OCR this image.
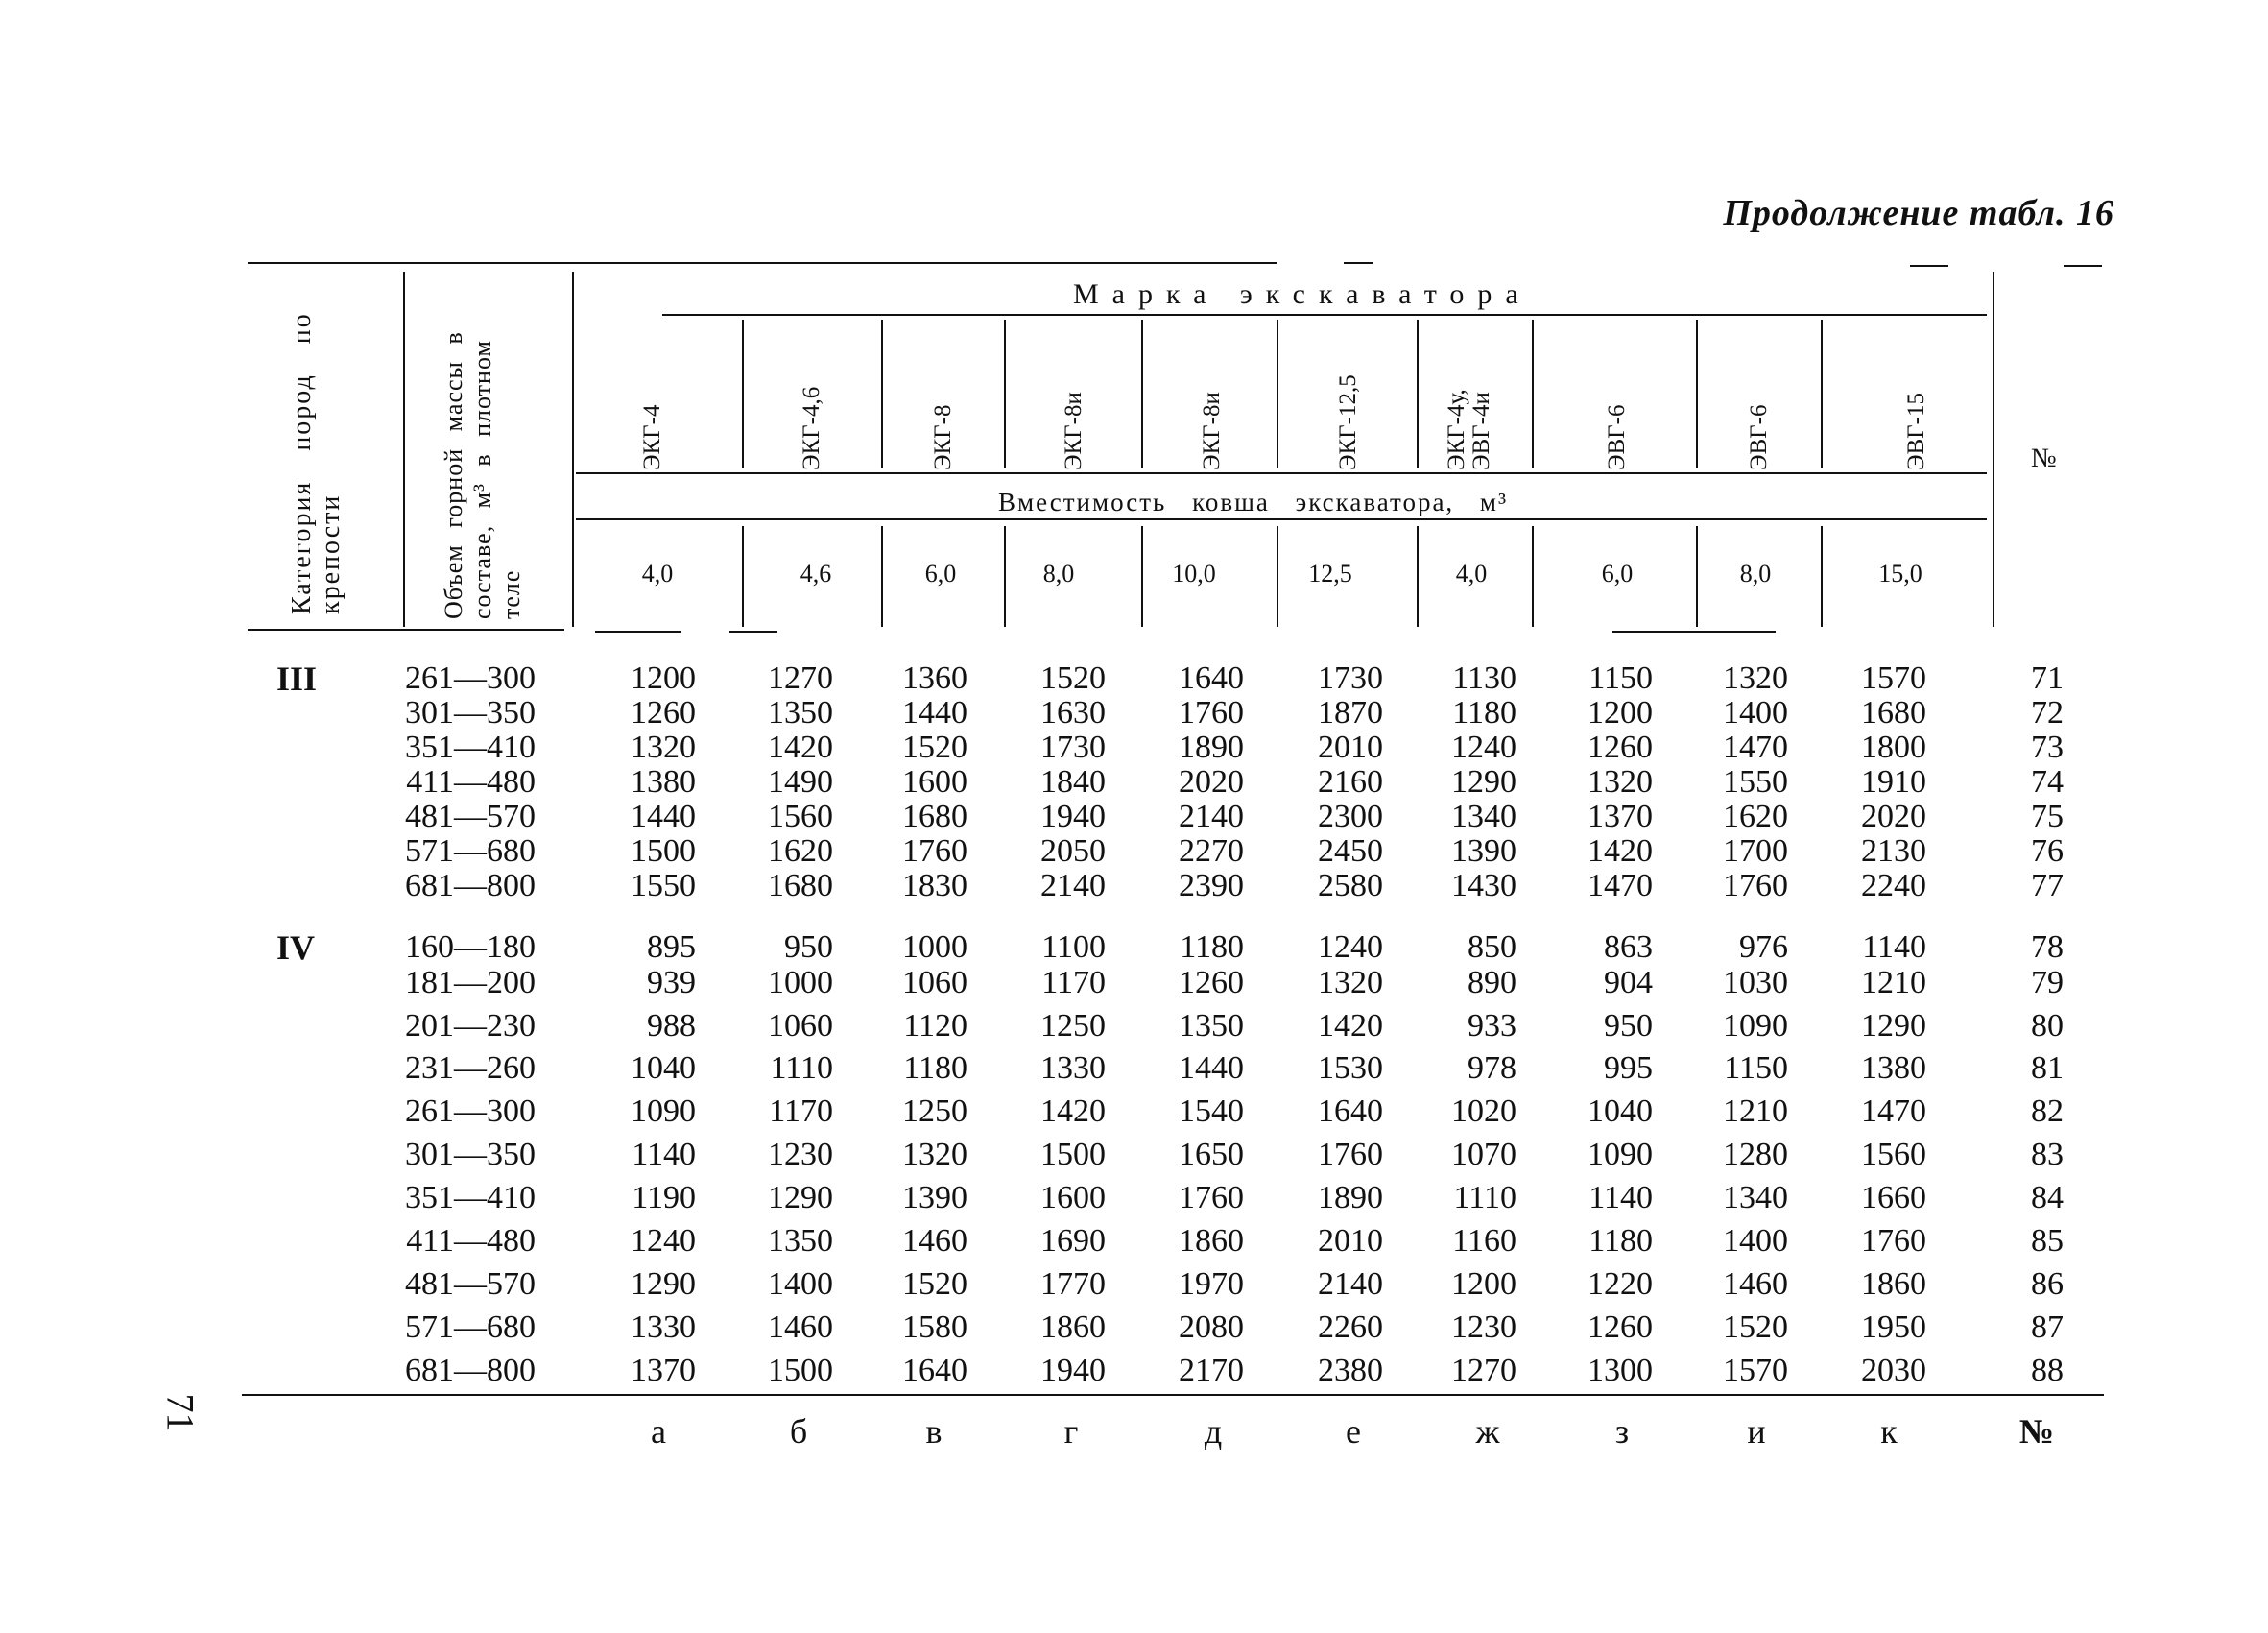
Продолжение табл. 16
71
Категория пород по крепости	Объем горной массы в составе, м³ в плотном теле
Марка экскаватора
Вместимость ковша экскаватора, м³
№
ЭКГ-4	ЭКГ-4,6	ЭКГ-8	ЭКГ-8и	ЭКГ-8и	ЭКГ-12,5	ЭКГ-4у, ЭВГ-4и	ЭВГ-6	ЭВГ-6	ЭВГ-15
4,0	4,6	6,0	8,0	10,0	12,5	4,0	6,0	8,0	15,0
III	261—300	1200	1270	1360	1520	1640	1730	1130	1150	1320	1570	71
301—350	1260	1350	1440	1630	1760	1870	1180	1200	1400	1680	72
351—410	1320	1420	1520	1730	1890	2010	1240	1260	1470	1800	73
411—480	1380	1490	1600	1840	2020	2160	1290	1320	1550	1910	74
481—570	1440	1560	1680	1940	2140	2300	1340	1370	1620	2020	75
571—680	1500	1620	1760	2050	2270	2450	1390	1420	1700	2130	76
681—800	1550	1680	1830	2140	2390	2580	1430	1470	1760	2240	77
IV	160—180	895	950	1000	1100	1180	1240	850	863	976	1140	78
181—200	939	1000	1060	1170	1260	1320	890	904	1030	1210	79
201—230	988	1060	1120	1250	1350	1420	933	950	1090	1290	80
231—260	1040	1110	1180	1330	1440	1530	978	995	1150	1380	81
261—300	1090	1170	1250	1420	1540	1640	1020	1040	1210	1470	82
301—350	1140	1230	1320	1500	1650	1760	1070	1090	1280	1560	83
351—410	1190	1290	1390	1600	1760	1890	1110	1140	1340	1660	84
411—480	1240	1350	1460	1690	1860	2010	1160	1180	1400	1760	85
481—570	1290	1400	1520	1770	1970	2140	1200	1220	1460	1860	86
571—680	1330	1460	1580	1860	2080	2260	1230	1260	1520	1950	87
681—800	1370	1500	1640	1940	2170	2380	1270	1300	1570	2030	88
а	б	в	г	д	е	ж	з	и	к	№
